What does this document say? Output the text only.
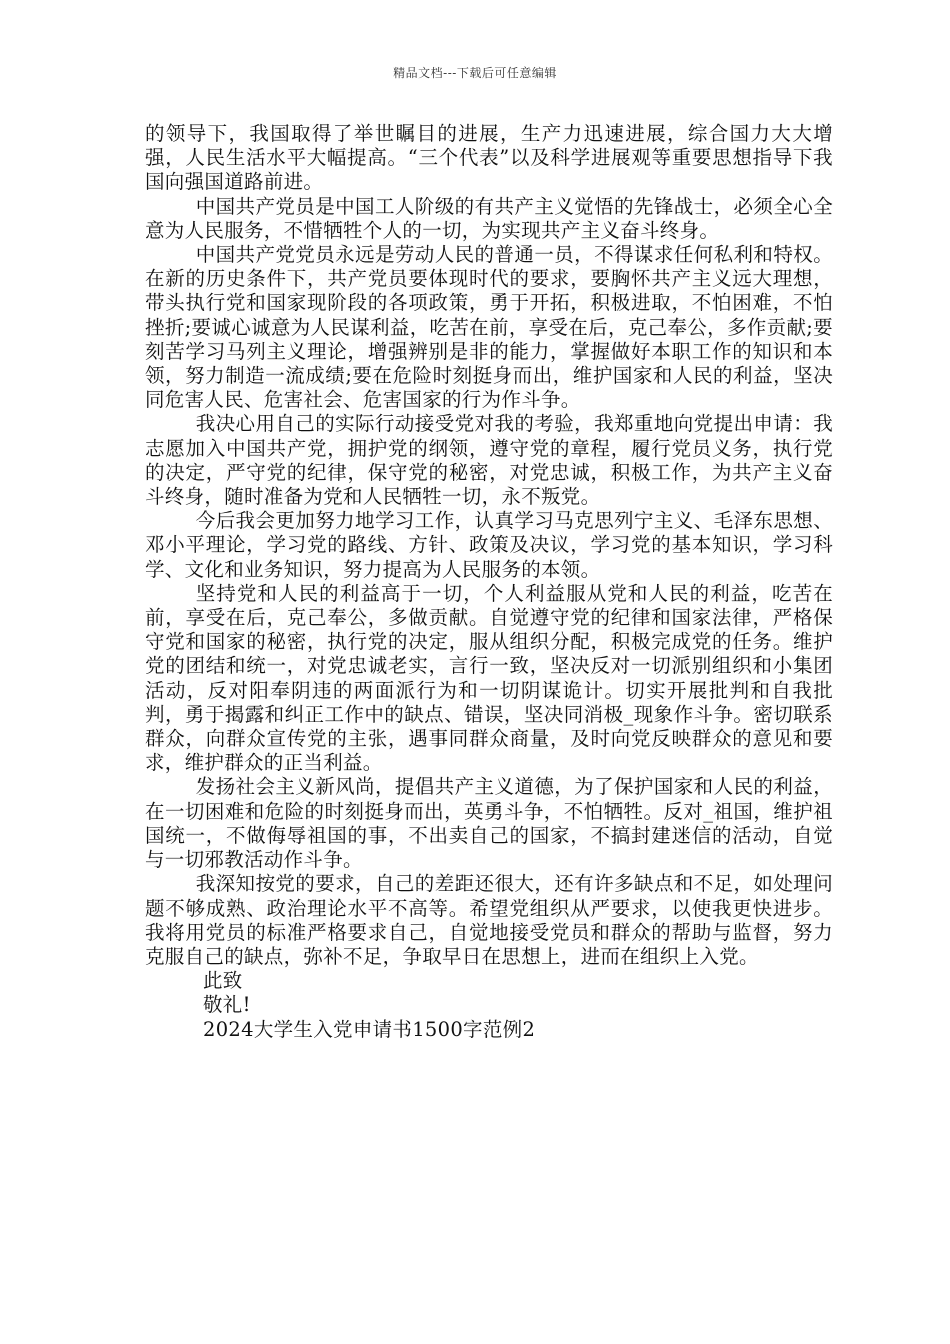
精品文档---下载后可任意编辑

的领导下，我国取得了举世瞩目的进展，生产力迅速进展，综合国力大大增强，人民生活水平大幅提高。“三个代表”以及科学进展观等重要思想指导下我国向强国道路前进。

中国共产党员是中国工人阶级的有共产主义觉悟的先锋战士，必须全心全意为人民服务，不惜牺牲个人的一切，为实现共产主义奋斗终身。

中国共产党党员永远是劳动人民的普通一员，不得谋求任何私利和特权。在新的历史条件下，共产党员要体现时代的要求，要胸怀共产主义远大理想，带头执行党和国家现阶段的各项政策，勇于开拓，积极进取，不怕困难，不怕挫折;要诚心诚意为人民谋利益，吃苦在前，享受在后，克己奉公，多作贡献;要刻苦学习马列主义理论，增强辨别是非的能力，掌握做好本职工作的知识和本领，努力制造一流成绩;要在危险时刻挺身而出，维护国家和人民的利益，坚决同危害人民、危害社会、危害国家的行为作斗争。

我决心用自己的实际行动接受党对我的考验，我郑重地向党提出申请：我志愿加入中国共产党，拥护党的纲领，遵守党的章程，履行党员义务，执行党的决定，严守党的纪律，保守党的秘密，对党忠诚，积极工作，为共产主义奋斗终身，随时准备为党和人民牺牲一切，永不叛党。

今后我会更加努力地学习工作，认真学习马克思列宁主义、毛泽东思想、邓小平理论，学习党的路线、方针、政策及决议，学习党的基本知识，学习科学、文化和业务知识，努力提高为人民服务的本领。

坚持党和人民的利益高于一切，个人利益服从党和人民的利益，吃苦在前，享受在后，克己奉公，多做贡献。自觉遵守党的纪律和国家法律，严格保守党和国家的秘密，执行党的决定，服从组织分配，积极完成党的任务。维护党的团结和统一，对党忠诚老实，言行一致，坚决反对一切派别组织和小集团活动，反对阳奉阴违的两面派行为和一切阴谋诡计。切实开展批判和自我批判，勇于揭露和纠正工作中的缺点、错误，坚决同消极_现象作斗争。密切联系群众，向群众宣传党的主张，遇事同群众商量，及时向党反映群众的意见和要求，维护群众的正当利益。

发扬社会主义新风尚，提倡共产主义道德，为了保护国家和人民的利益，在一切困难和危险的时刻挺身而出，英勇斗争，不怕牺牲。反对_祖国，维护祖国统一，不做侮辱祖国的事，不出卖自己的国家，不搞封建迷信的活动，自觉与一切邪教活动作斗争。

我深知按党的要求，自己的差距还很大，还有许多缺点和不足，如处理问题不够成熟、政治理论水平不高等。希望党组织从严要求，以使我更快进步。我将用党员的标准严格要求自己，自觉地接受党员和群众的帮助与监督，努力克服自己的缺点，弥补不足，争取早日在思想上，进而在组织上入党。

此致

敬礼!

2024大学生入党申请书1500字范例2
